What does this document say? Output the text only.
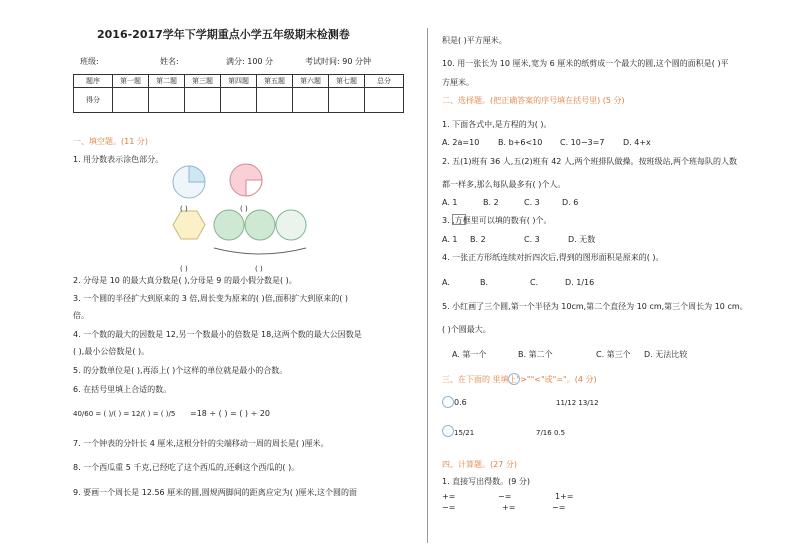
2016-2017学年下学期重点小学五年级期末检测卷
班级:	姓名:	满分: 100 分	考试时间: 90 分钟
题序	第一题	第二题	第三题	第四题	第五题	第六题	第七题	总分
得分								
一、填空题。(11 分)
1. 用分数表示涂色部分。
( )	( )
( )	( )
2. 分母是 10 的最大真分数是( ),分母是 9 的最小假分数是( )。
3. 一个圆的半径扩大到原来的 3 倍,周长变为原来的( )倍,面积扩大到原来的( )
倍。
4. 一个数的最大的因数是 12,另一个数最小的倍数是 18,这两个数的最大公因数是
( ),最小公倍数是( )。
5. 的分数单位是( ),再添上( )个这样的单位就是最小的合数。
6. 在括号里填上合适的数。
40/60 = ( )/( ) = 12/( ) = ( )/5 =18 ÷ ( ) = ( ) ÷ 20
7. 一个钟表的分针长 4 厘米,这根分针的尖端移动一周的周长是( )厘米。
8. 一个西瓜重 5 千克,已经吃了这个西瓜的,还剩这个西瓜的( )。
9. 要画一个周长是 12.56 厘米的圆,圆规两脚间的距离应定为( )厘米,这个圆的面
积是( )平方厘米。
10. 用一张长为 10 厘米,宽为 6 厘米的纸剪成一个最大的圆,这个圆的面积是( )平
方厘米。
二、选择题。(把正确答案的序号填在括号里) (5 分)
1. 下面各式中,是方程的为( )。
A. 2a=10 B. b+6<10 C. 10−3=7 D. 4+x
2. 五(1)班有 36 人,五(2)班有 42 人,两个班排队做操。按班级站,两个班每队的人数
都一样多,那么每队最多有( )个人。
A. 1	B. 2	C. 3	D. 6
3. ,方框里可以填的数有( )个。
A. 1 B. 2	C. 3	D. 无数
4. 一张正方形纸连续对折四次后,得到的图形面积是原来的( )。
A.	B.	C.	D. 1/16
5. 小红画了三个圆,第一个半径为 10cm,第二个直径为 10 cm,第三个周长为 10 cm。
( )个圆最大。
A. 第一个	B. 第二个	C. 第三个 D. 无法比较
三、在下面的 里填上">""<"或"="。(4 分)
0.6	11/12 13/12
15/21	7/16 0.5
四、计算题。(27 分)
1. 直接写出得数。(9 分)
+=	−=	1+=
−=	+=	−=
